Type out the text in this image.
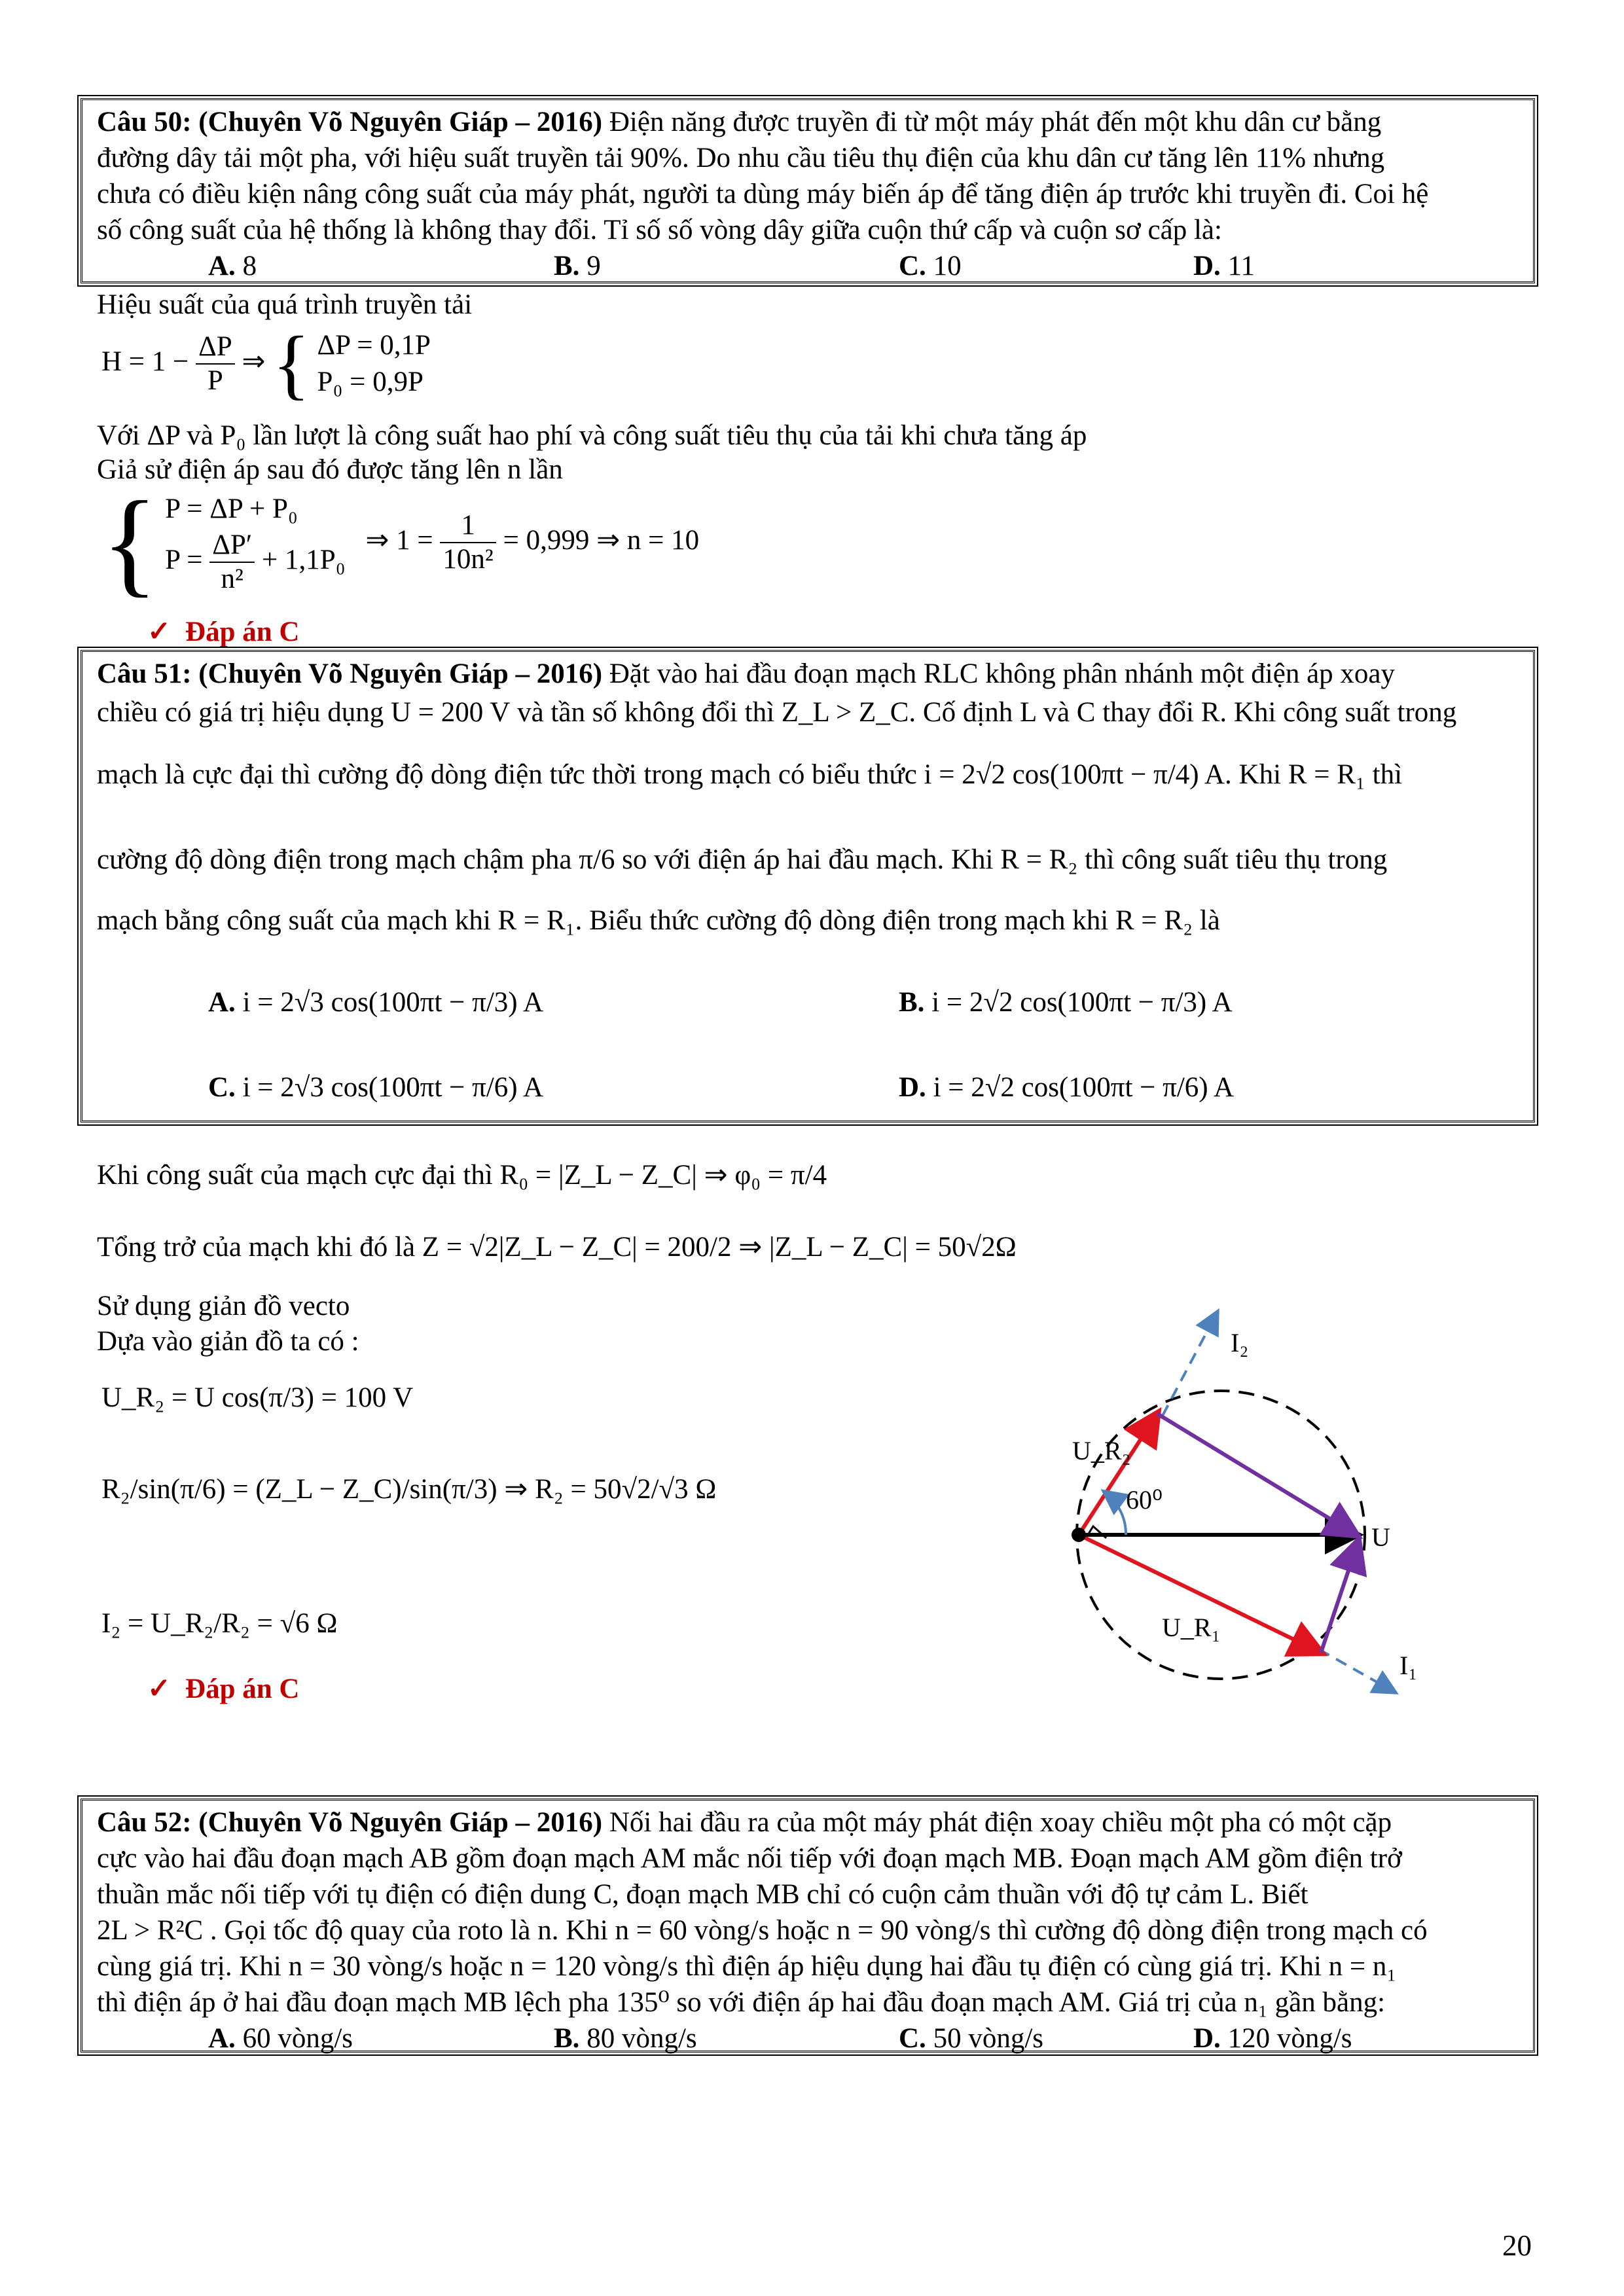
Câu 50: (Chuyên Võ Nguyên Giáp – 2016) Điện năng được truyền đi từ một máy phát đến một khu dân cư bằng
đường dây tải một pha, với hiệu suất truyền tải 90%. Do nhu cầu tiêu thụ điện của khu dân cư tăng lên 11% nhưng
chưa có điều kiện nâng công suất của máy phát, người ta dùng máy biến áp để tăng điện áp trước khi truyền đi. Coi hệ
số công suất của hệ thống là không thay đổi. Tỉ số số vòng dây giữa cuộn thứ cấp và cuộn sơ cấp là:
A. 8	B. 9	C. 10	D. 11
Hiệu suất của quá trình truyền tải
$H = 1 - \frac{\Delta P}{P}$ ⇒ { ΔP = 0,1P
P₀ = 0,9P
Với ΔP và P₀ lần lượt là công suất hao phí và công suất tiêu thụ của tải khi chưa tăng áp
Giả sử điện áp sau đó được tăng lên n lần
{ P = ΔP + P₀
$P = \frac{\Delta P'}{\text{n²}} + 1,1P_0$
⇒ $1 = \frac{1}{\text{10n²}} = 0,999$ ⇒ n = 10
✓ Đáp án C
Câu 51: (Chuyên Võ Nguyên Giáp – 2016) Đặt vào hai đầu đoạn mạch RLC không phân nhánh một điện áp xoay
chiều có giá trị hiệu dụng U = 200 V và tần số không đổi thì Z_L > Z_C. Cố định L và C thay đổi R. Khi công suất trong
mạch là cực đại thì cường độ dòng điện tức thời trong mạch có biểu thức i = 2√2 cos(100πt − π/4) A. Khi R = R₁ thì
cường độ dòng điện trong mạch chậm pha π/6 so với điện áp hai đầu mạch. Khi R = R₂ thì công suất tiêu thụ trong
mạch bằng công suất của mạch khi R = R₁. Biểu thức cường độ dòng điện trong mạch khi R = R₂ là
A. i = 2√3 cos(100πt − π/3) A	B. i = 2√2 cos(100πt − π/3) A
C. i = 2√3 cos(100πt − π/6) A	D. i = 2√2 cos(100πt − π/6) A
Khi công suất của mạch cực đại thì R₀ = |Z_L − Z_C| ⇒ φ₀ = π/4
Tổng trở của mạch khi đó là Z = √2|Z_L − Z_C| = 200/2 ⇒ |Z_L − Z_C| = 50√2Ω
Sử dụng giản đồ vecto
Dựa vào giản đồ ta có :
U_R₂ = U cos(π/3) = 100 V
R₂/sin(π/6) = (Z_L − Z_C)/sin(π/3) ⇒ R₂ = 50√2/√3 Ω
I₂ = U_R₂/R₂ = √6 Ω
✓ Đáp án C
I₂
U_R₂
60⁰
U
U_R₁
I₁
Câu 52: (Chuyên Võ Nguyên Giáp – 2016) Nối hai đầu ra của một máy phát điện xoay chiều một pha có một cặp
cực vào hai đầu đoạn mạch AB gồm đoạn mạch AM mắc nối tiếp với đoạn mạch MB. Đoạn mạch AM gồm điện trở
thuần mắc nối tiếp với tụ điện có điện dung C, đoạn mạch MB chỉ có cuộn cảm thuần với độ tự cảm L. Biết
2L > R²C . Gọi tốc độ quay của roto là n. Khi n = 60 vòng/s hoặc n = 90 vòng/s thì cường độ dòng điện trong mạch có
cùng giá trị. Khi n = 30 vòng/s hoặc n = 120 vòng/s thì điện áp hiệu dụng hai đầu tụ điện có cùng giá trị. Khi n = n₁
thì điện áp ở hai đầu đoạn mạch MB lệch pha 135⁰ so với điện áp hai đầu đoạn mạch AM. Giá trị của n₁ gần bằng:
A. 60 vòng/s	B. 80 vòng/s	C. 50 vòng/s	D. 120 vòng/s
20
